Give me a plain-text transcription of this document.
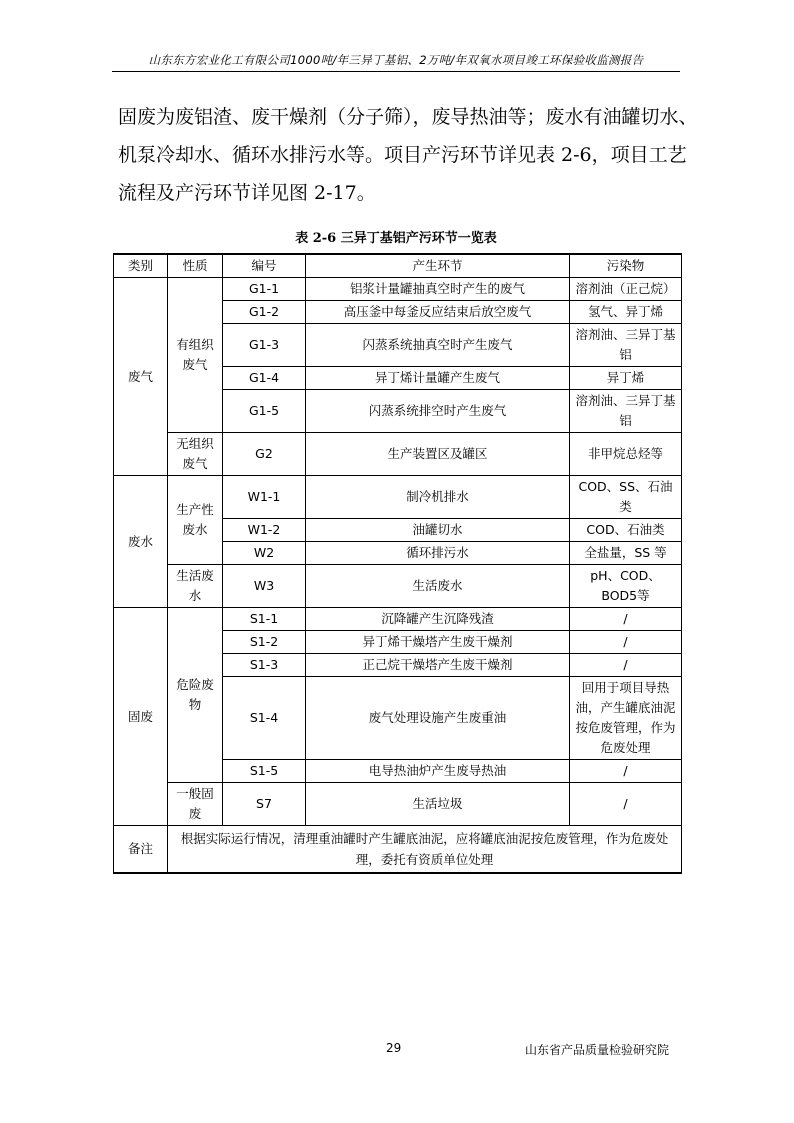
山东东方宏业化工有限公司1000吨/年三异丁基铝、2万吨/年双氧水项目竣工环保验收监测报告
固废为废铝渣、废干燥剂（分子筛），废导热油等；废水有油罐切水、
机泵冷却水、循环水排污水等。项目产污环节详见表 2-6，项目工艺
流程及产污环节详见图 2-17。
表 2-6 三异丁基铝产污环节一览表
类别	性质	编号	产生环节	污染物
废气	有组织废气	G1-1	铝浆计量罐抽真空时产生的废气	溶剂油（正己烷）
		G1-2	高压釜中每釜反应结束后放空废气	氢气、异丁烯
		G1-3	闪蒸系统抽真空时产生废气	溶剂油、三异丁基铝
		G1-4	异丁烯计量罐产生废气	异丁烯
		G1-5	闪蒸系统排空时产生废气	溶剂油、三异丁基铝
	无组织废气	G2	生产装置区及罐区	非甲烷总烃等
废水	生产性废水	W1-1	制冷机排水	COD、SS、石油类
		W1-2	油罐切水	COD、石油类
		W2	循环排污水	全盐量，SS 等
	生活废水	W3	生活废水	pH、COD、BOD5等
固废	危险废物	S1-1	沉降罐产生沉降残渣	/
		S1-2	异丁烯干燥塔产生废干燥剂	/
		S1-3	正己烷干燥塔产生废干燥剂	/
		S1-4	废气处理设施产生废重油	回用于项目导热油，产生罐底油泥按危废管理，作为危废处理
		S1-5	电导热油炉产生废导热油	/
	一般固废	S7	生活垃圾	/
备注	根据实际运行情况，清理重油罐时产生罐底油泥，应将罐底油泥按危废管理，作为危废处理，委托有资质单位处理			
29	山东省产品质量检验研究院
